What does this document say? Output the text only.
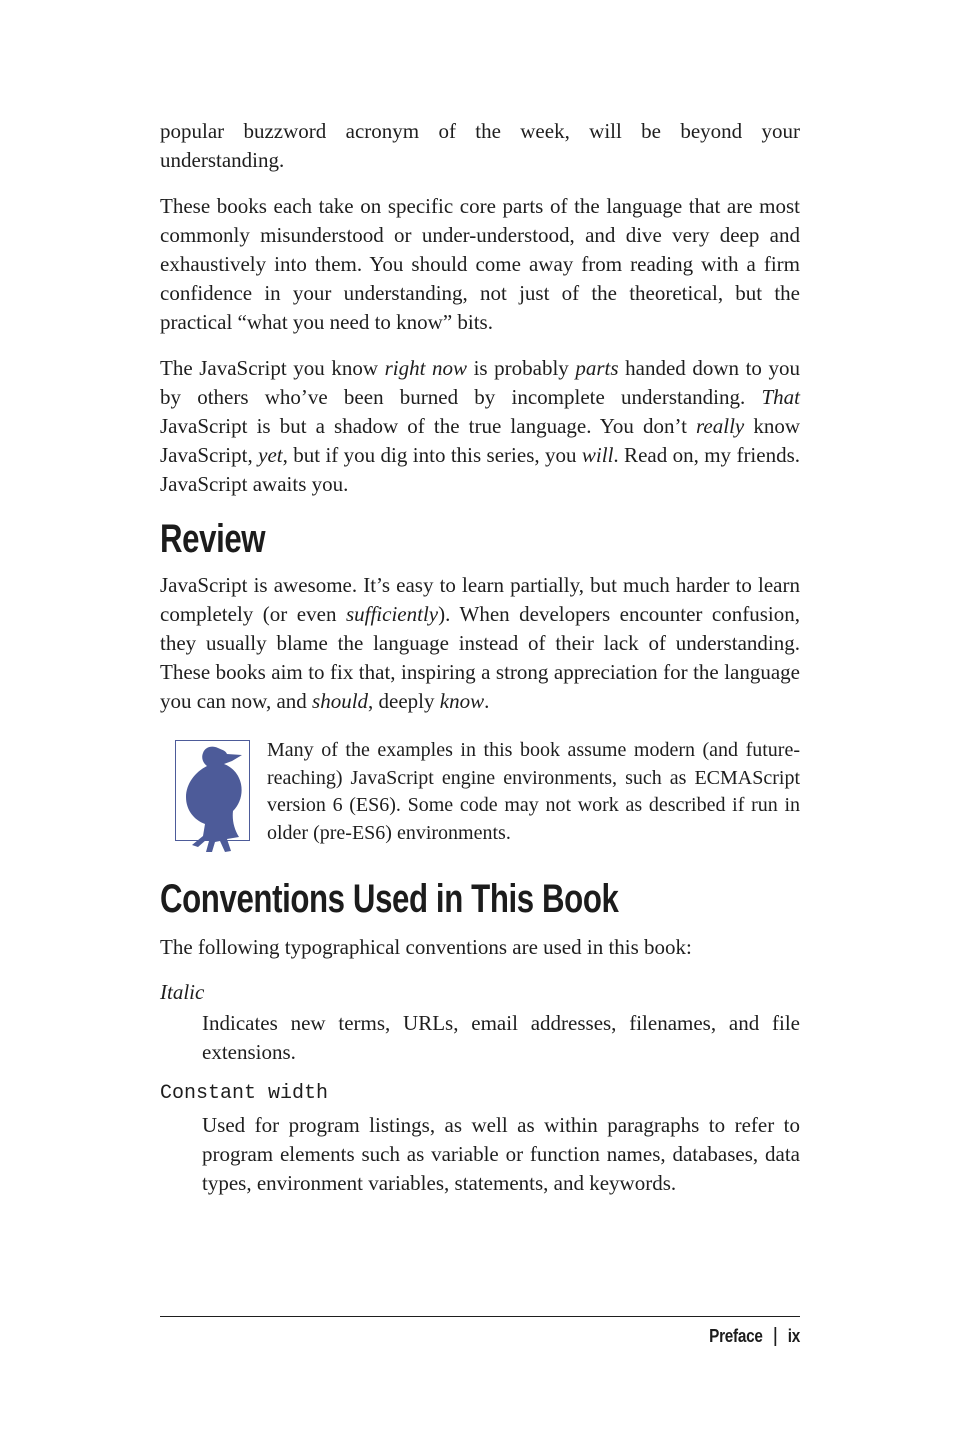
popular buzzword acronym of the week, will be beyond your understanding.

These books each take on specific core parts of the language that are most commonly misunderstood or under-understood, and dive very deep and exhaustively into them. You should come away from reading with a firm confidence in your understanding, not just of the theoretical, but the practical “what you need to know” bits.

The JavaScript you know right now is probably parts handed down to you by others who’ve been burned by incomplete understanding. That JavaScript is but a shadow of the true language. You don’t really know JavaScript, yet, but if you dig into this series, you will. Read on, my friends. JavaScript awaits you.

Review

JavaScript is awesome. It’s easy to learn partially, but much harder to learn completely (or even sufficiently). When developers encounter confusion, they usually blame the language instead of their lack of understanding. These books aim to fix that, inspiring a strong appreciation for the language you can now, and should, deeply know.

Many of the examples in this book assume modern (and future-reaching) JavaScript engine environments, such as ECMAScript version 6 (ES6). Some code may not work as described if run in older (pre-ES6) environments.

Conventions Used in This Book

The following typographical conventions are used in this book:

Italic

Indicates new terms, URLs, email addresses, filenames, and file extensions.

Constant width

Used for program listings, as well as within paragraphs to refer to program elements such as variable or function names, databases, data types, environment variables, statements, and keywords.

Preface ix
